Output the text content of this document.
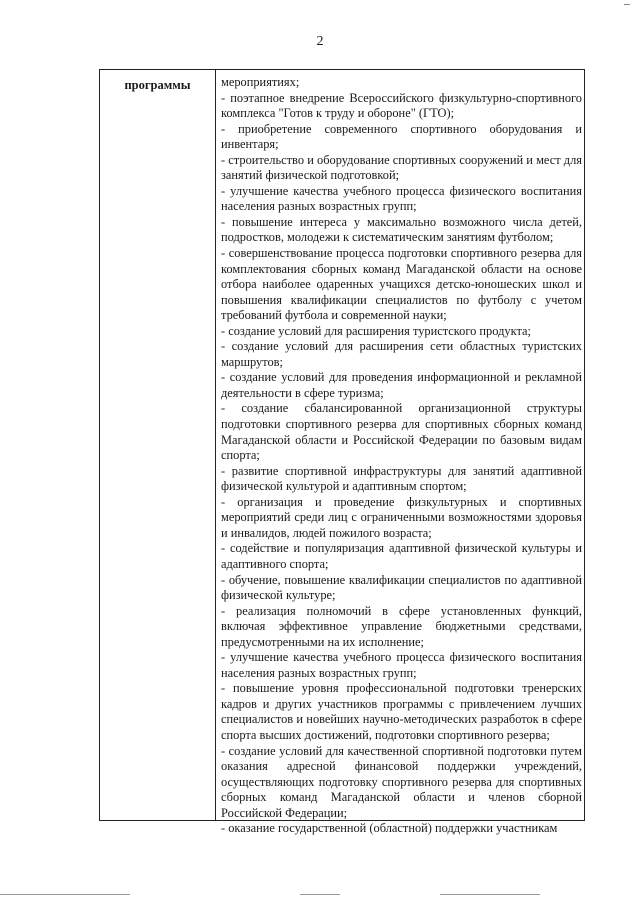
2
программы	мероприятиях;

- поэтапное внедрение Всероссийского физкультурно-спортивного комплекса "Готов к труду и обороне" (ГТО);

- приобретение современного спортивного оборудования и инвентаря;

- строительство и оборудование спортивных сооружений и мест для занятий физической подготовкой;

- улучшение качества учебного процесса физического воспитания населения разных возрастных групп;

- повышение интереса у максимально возможного числа детей, подростков, молодежи к систематическим занятиям футболом;

- совершенствование процесса подготовки спортивного резерва для комплектования сборных команд Магаданской области на основе отбора наиболее одаренных учащихся детско-юношеских школ и повышения квалификации специалистов по футболу с учетом требований футбола и современной науки;

- создание условий для расширения туристского продукта;

- создание условий для расширения сети областных туристских маршрутов;

- создание условий для проведения информационной и рекламной деятельности в сфере туризма;

- создание сбалансированной организационной структуры подготовки спортивного резерва для спортивных сборных команд Магаданской области и Российской Федерации по базовым видам спорта;

- развитие спортивной инфраструктуры для занятий адаптивной физической культурой и адаптивным спортом;

- организация и проведение физкультурных и спортивных мероприятий среди лиц с ограниченными возможностями здоровья и инвалидов, людей пожилого возраста;

- содействие и популяризация адаптивной физической культуры и адаптивного спорта;

- обучение, повышение квалификации специалистов по адаптивной физической культуре;

- реализация полномочий в сфере установленных функций, включая эффективное управление бюджетными средствами, предусмотренными на их исполнение;

- улучшение качества учебного процесса физического воспитания населения разных возрастных групп;

- повышение уровня профессиональной подготовки тренерских кадров и других участников программы с привлечением лучших специалистов и новейших научно-методических разработок в сфере спорта высших достижений, подготовки спортивного резерва;

- создание условий для качественной спортивной подготовки путем оказания адресной финансовой поддержки учреждений, осуществляющих подготовку спортивного резерва для спортивных сборных команд Магаданской области и членов сборной Российской Федерации;

- оказание государственной (областной) поддержки участникам
